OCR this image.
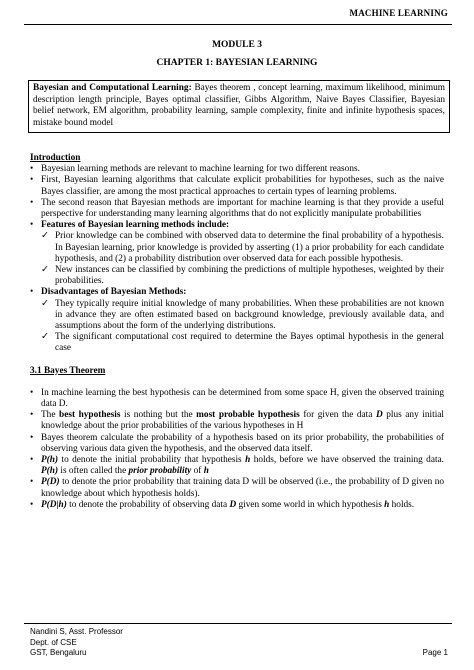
MACHINE LEARNING
MODULE 3
CHAPTER 1: BAYESIAN LEARNING
Bayesian and Computational Learning: Bayes theorem , concept learning, maximum likelihood, minimum description length principle, Bayes optimal classifier, Gibbs Algorithm, Naive Bayes Classifier, Bayesian belief network, EM algorithm, probability learning, sample complexity, finite and infinite hypothesis spaces, mistake bound model

Introduction

• Bayesian learning methods are relevant to machine learning for two different reasons.
• First, Bayesian learning algorithms that calculate explicit probabilities for hypotheses, such as the naive Bayes classifier, are among the most practical approaches to certain types of learning problems.
• The second reason that Bayesian methods are important for machine learning is that they provide a useful perspective for understanding many learning algorithms that do not explicitly manipulate probabilities
• Features of Bayesian learning methods include:
✓ Prior knowledge can be combined with observed data to determine the final probability of a hypothesis. In Bayesian learning, prior knowledge is provided by asserting (1) a prior probability for each candidate hypothesis, and (2) a probability distribution over observed data for each possible hypothesis.
✓ New instances can be classified by combining the predictions of multiple hypotheses, weighted by their probabilities.
• Disadvantages of Bayesian Methods:
✓ They typically require initial knowledge of many probabilities. When these probabilities are not known in advance they are often estimated based on background knowledge, previously available data, and assumptions about the form of the underlying distributions.
✓ The significant computational cost required to determine the Bayes optimal hypothesis in the general case

3.1 Bayes Theorem

• In machine learning the best hypothesis can be determined from some space H, given the observed training data D.
• The best hypothesis is nothing but the most probable hypothesis for given the data D plus any initial knowledge about the prior probabilities of the various hypotheses in H
• Bayes theorem calculate the probability of a hypothesis based on its prior probability, the probabilities of observing various data given the hypothesis, and the observed data itself.
• P(h) to denote the initial probability that hypothesis h holds, before we have observed the training data. P(h) is often called the prior probability of h
• P(D) to denote the prior probability that training data D will be observed (i.e., the probability of D given no knowledge about which hypothesis holds).
• P(D|h) to denote the probability of observing data D given some world in which hypothesis h holds.
Nandini S, Asst. Professor
Dept. of CSE
GST, Bengaluru	Page 1
